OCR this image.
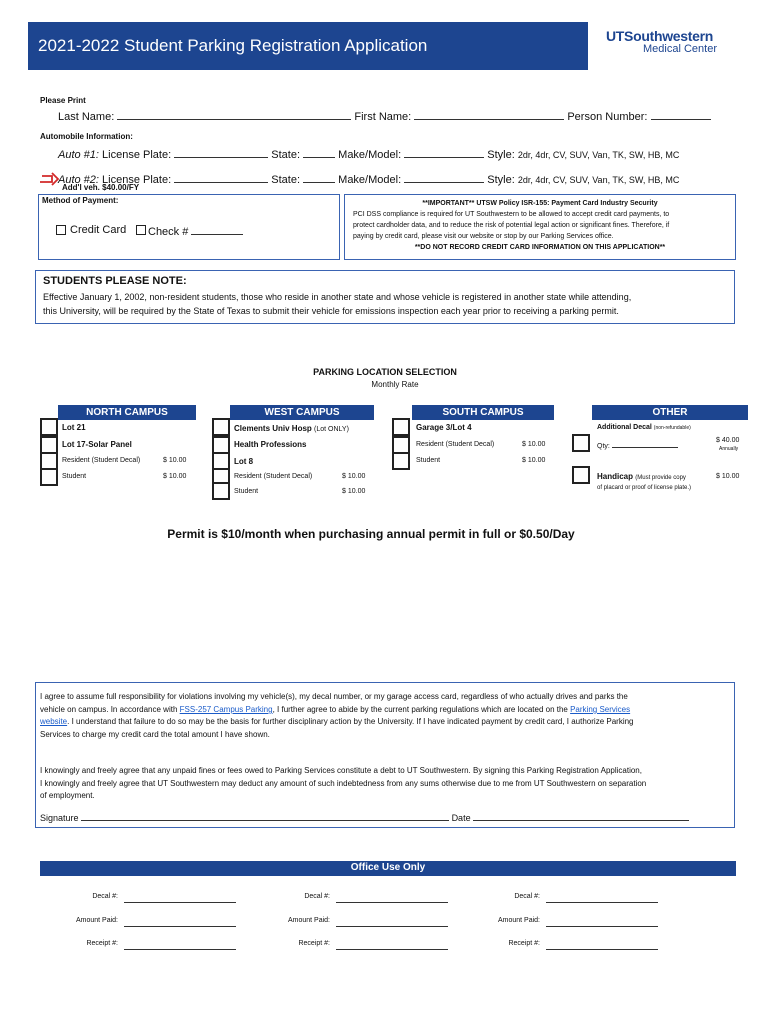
2021-2022 Student Parking Registration Application	UTSouthwestern
Medical Center
Please Print
Last Name:	First Name:	Person Number:
Automobile Information:
Auto #1: License Plate:	State:	Make/Model:	Style: 2dr, 4dr, CV, SUV, Van, TK, SW, HB, MC
Auto #2: License Plate:	State:	Make/Model:	Style: 2dr, 4dr, CV, SUV, Van, TK, SW, HB, MC
Add'l veh. $40.00/FY
Method of Payment:
Credit Card Check #
**IMPORTANT** UTSW Policy ISR-155: Payment Card Industry Security
PCI DSS compliance is required for UT Southwestern to be allowed to accept credit card payments, to
protect cardholder data, and to reduce the risk of potential legal action or significant fines. Therefore, if
paying by credit card, please visit our website or stop by our Parking Services office.
**DO NOT RECORD CREDIT CARD INFORMATION ON THIS APPLICATION**
STUDENTS PLEASE NOTE:
Effective January 1, 2002, non-resident students, those who reside in another state and whose vehicle is registered in another state while attending,
this University, will be required by the State of Texas to submit their vehicle for emissions inspection each year prior to receiving a parking permit.
PARKING LOCATION SELECTION
Monthly Rate
NORTH CAMPUS	WEST CAMPUS	SOUTH CAMPUS	OTHER
Lot 21
Lot 17-Solar Panel
Resident (Student Decal)	$ 10.00
Student	$ 10.00
Clements Univ Hosp (Lot ONLY)
Health Professions
Lot 8
Resident (Student Decal)	$ 10.00
Student	$ 10.00
Garage 3/Lot 4
Resident (Student Decal)	$ 10.00
Student	$ 10.00
Additional Decal (non-refundable)
Qty:
$ 40.00
Annually
Handicap (Must provide copy
of placard or proof of license plate.)
$ 10.00
Permit is $10/month when purchasing annual permit in full or $0.50/Day
I agree to assume full responsibility for violations involving my vehicle(s), my decal number, or my garage access card, regardless of who actually drives and parks the
vehicle on campus. In accordance with FSS-257 Campus Parking, I further agree to abide by the current parking regulations which are located on the Parking Services
website. I understand that failure to do so may be the basis for further disciplinary action by the University. If I have indicated payment by credit card, I authorize Parking
Services to charge my credit card the total amount I have shown.
I knowingly and freely agree that any unpaid fines or fees owed to Parking Services constitute a debt to UT Southwestern. By signing this Parking Registration Application,
I knowingly and freely agree that UT Southwestern may deduct any amount of such indebtedness from any sums otherwise due to me from UT Southwestern on separation
of employment.
Signature	Date
Office Use Only
Decal #:	Decal #:	Decal #:
Amount Paid:	Amount Paid:	Amount Paid:
Receipt #:	Receipt #:	Receipt #:
